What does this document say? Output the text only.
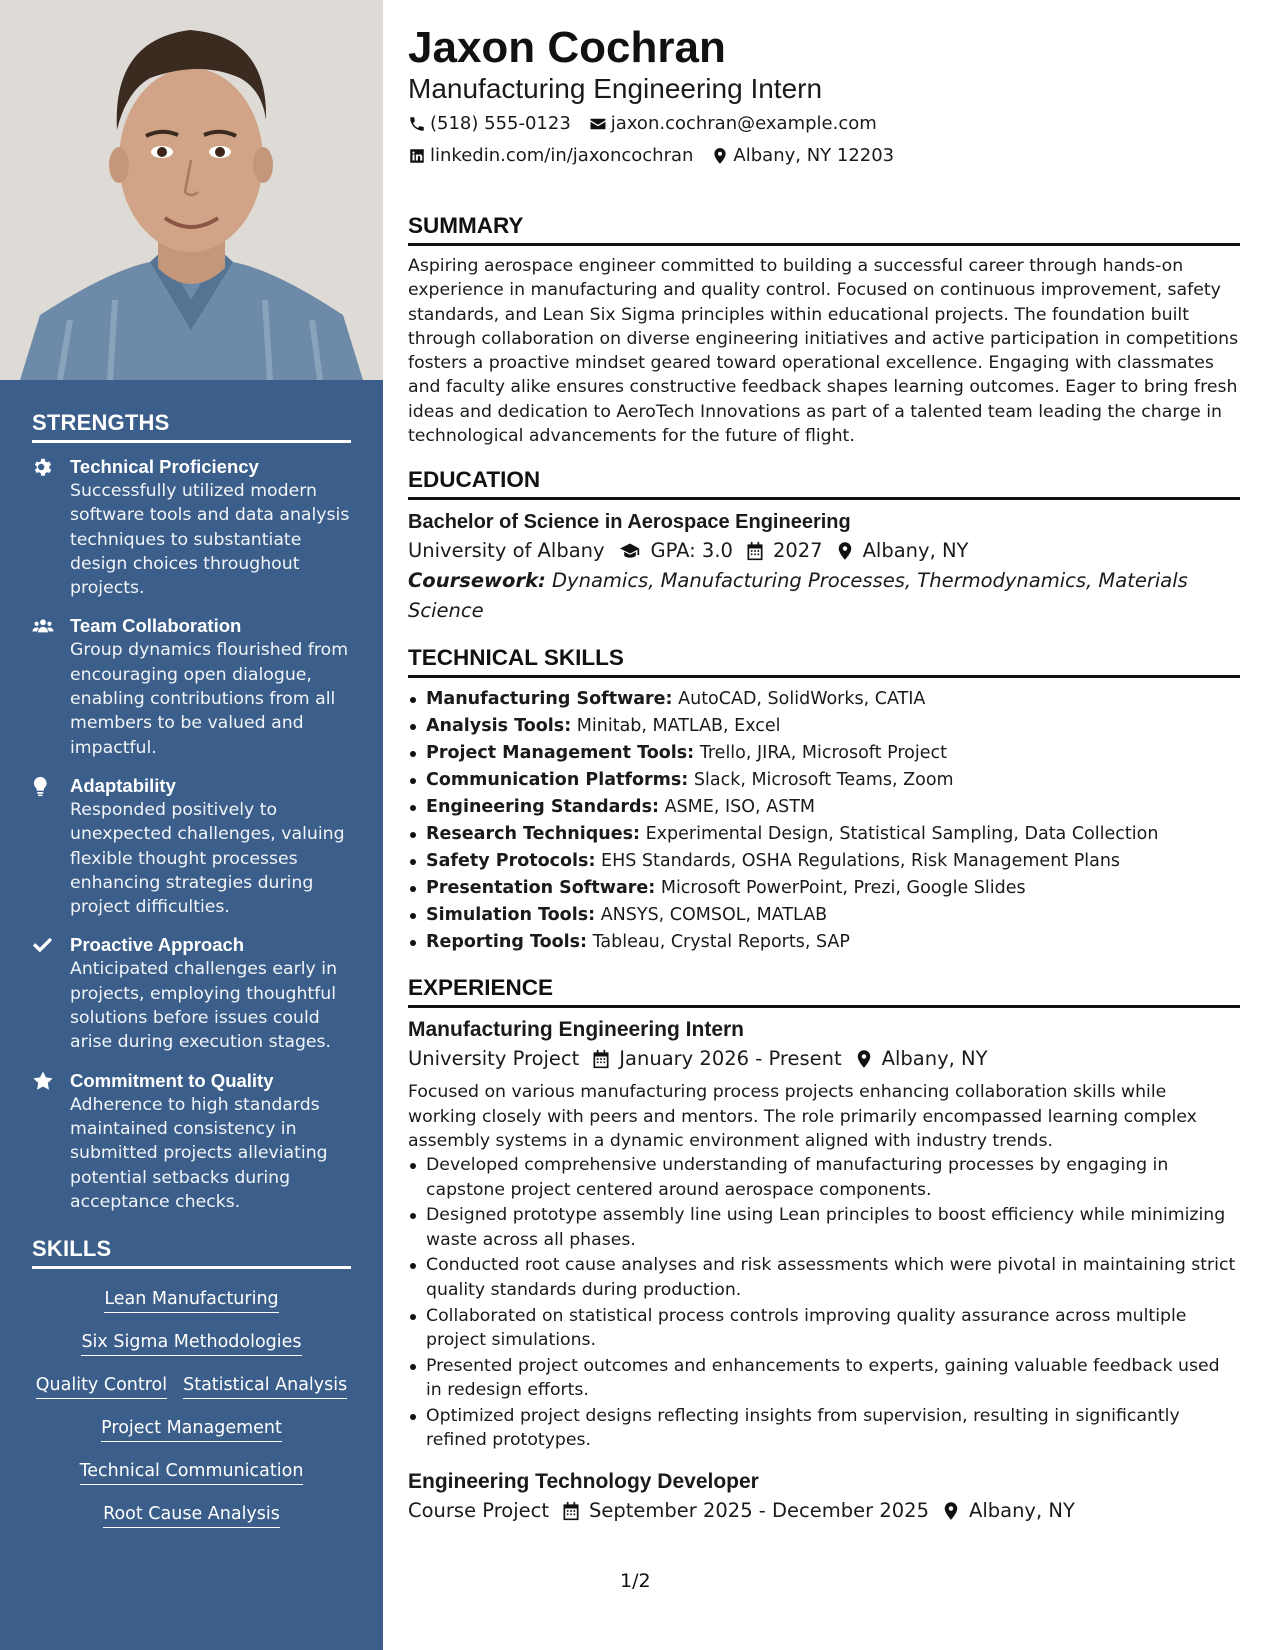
STRENGTHS
Technical Proficiency
Successfully utilized modern software tools and data analysis techniques to substantiate design choices throughout projects.
Team Collaboration
Group dynamics flourished from encouraging open dialogue, enabling contributions from all members to be valued and impactful.
Adaptability
Responded positively to unexpected challenges, valuing flexible thought processes enhancing strategies during project difficulties.
Proactive Approach
Anticipated challenges early in projects, employing thoughtful solutions before issues could arise during execution stages.
Commitment to Quality
Adherence to high standards maintained consistency in submitted projects alleviating potential setbacks during acceptance checks.
SKILLS
Lean Manufacturing
Six Sigma Methodologies
Quality Control Statistical Analysis
Project Management
Technical Communication
Root Cause Analysis
Jaxon Cochran
Manufacturing Engineering Intern
(518) 555-0123 jaxon.cochran@example.com
linkedin.com/in/jaxoncochran Albany, NY 12203
SUMMARY
Aspiring aerospace engineer committed to building a successful career through hands-on experience in manufacturing and quality control. Focused on continuous improvement, safety standards, and Lean Six Sigma principles within educational projects. The foundation built through collaboration on diverse engineering initiatives and active participation in competitions fosters a proactive mindset geared toward operational excellence. Engaging with classmates and faculty alike ensures constructive feedback shapes learning outcomes. Eager to bring fresh ideas and dedication to AeroTech Innovations as part of a talented team leading the charge in technological advancements for the future of flight.
EDUCATION
Bachelor of Science in Aerospace Engineering
University of Albany GPA: 3.0 2027 Albany, NY
Coursework: Dynamics, Manufacturing Processes, Thermodynamics, Materials Science
TECHNICAL SKILLS
Manufacturing Software: AutoCAD, SolidWorks, CATIA
Analysis Tools: Minitab, MATLAB, Excel
Project Management Tools: Trello, JIRA, Microsoft Project
Communication Platforms: Slack, Microsoft Teams, Zoom
Engineering Standards: ASME, ISO, ASTM
Research Techniques: Experimental Design, Statistical Sampling, Data Collection
Safety Protocols: EHS Standards, OSHA Regulations, Risk Management Plans
Presentation Software: Microsoft PowerPoint, Prezi, Google Slides
Simulation Tools: ANSYS, COMSOL, MATLAB
Reporting Tools: Tableau, Crystal Reports, SAP
EXPERIENCE
Manufacturing Engineering Intern
University Project January 2026 - Present Albany, NY
Focused on various manufacturing process projects enhancing collaboration skills while working closely with peers and mentors. The role primarily encompassed learning complex assembly systems in a dynamic environment aligned with industry trends.
Developed comprehensive understanding of manufacturing processes by engaging in capstone project centered around aerospace components.
Designed prototype assembly line using Lean principles to boost efficiency while minimizing waste across all phases.
Conducted root cause analyses and risk assessments which were pivotal in maintaining strict quality standards during production.
Collaborated on statistical process controls improving quality assurance across multiple project simulations.
Presented project outcomes and enhancements to experts, gaining valuable feedback used in redesign efforts.
Optimized project designs reflecting insights from supervision, resulting in significantly refined prototypes.
Engineering Technology Developer
Course Project September 2025 - December 2025 Albany, NY
1/2
